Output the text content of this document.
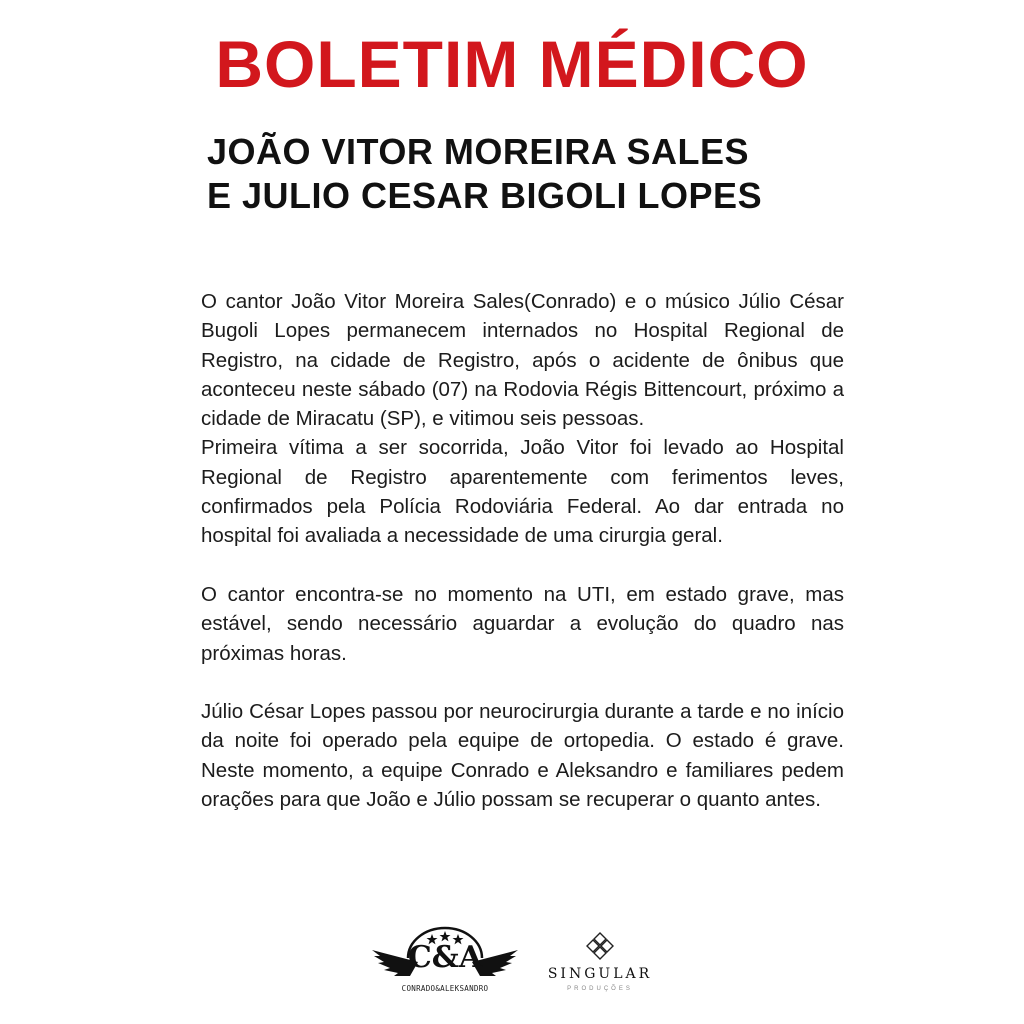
BOLETIM MÉDICO
JOÃO VITOR MOREIRA SALES
E JULIO CESAR BIGOLI LOPES

O cantor João Vitor Moreira Sales(Conrado) e o músico Júlio César Bugoli Lopes permanecem internados no Hospital Regional de Registro, na cidade de Registro, após o acidente de ônibus que aconteceu neste sábado (07) na Rodovia Régis Bittencourt, próximo a cidade de Miracatu (SP), e vitimou seis pessoas.

Primeira vítima a ser socorrida, João Vitor foi levado ao Hospital Regional de Registro aparentemente com ferimentos leves, confirmados pela Polícia Rodoviária Federal. Ao dar entrada no hospital foi avaliada a necessidade de uma cirurgia geral.

O cantor encontra-se no momento na UTI, em estado grave, mas estável, sendo necessário aguardar a evolução do quadro nas próximas horas.

Júlio César Lopes passou por neurocirurgia durante a tarde e no início da noite foi operado pela equipe de ortopedia. O estado é grave. Neste momento, a equipe Conrado e Aleksandro e familiares pedem orações para que João e Júlio possam se recuperar o quanto antes.

C&A
CONRADO&ALEKSANDRO
SINGULAR
PRODUÇÕES
